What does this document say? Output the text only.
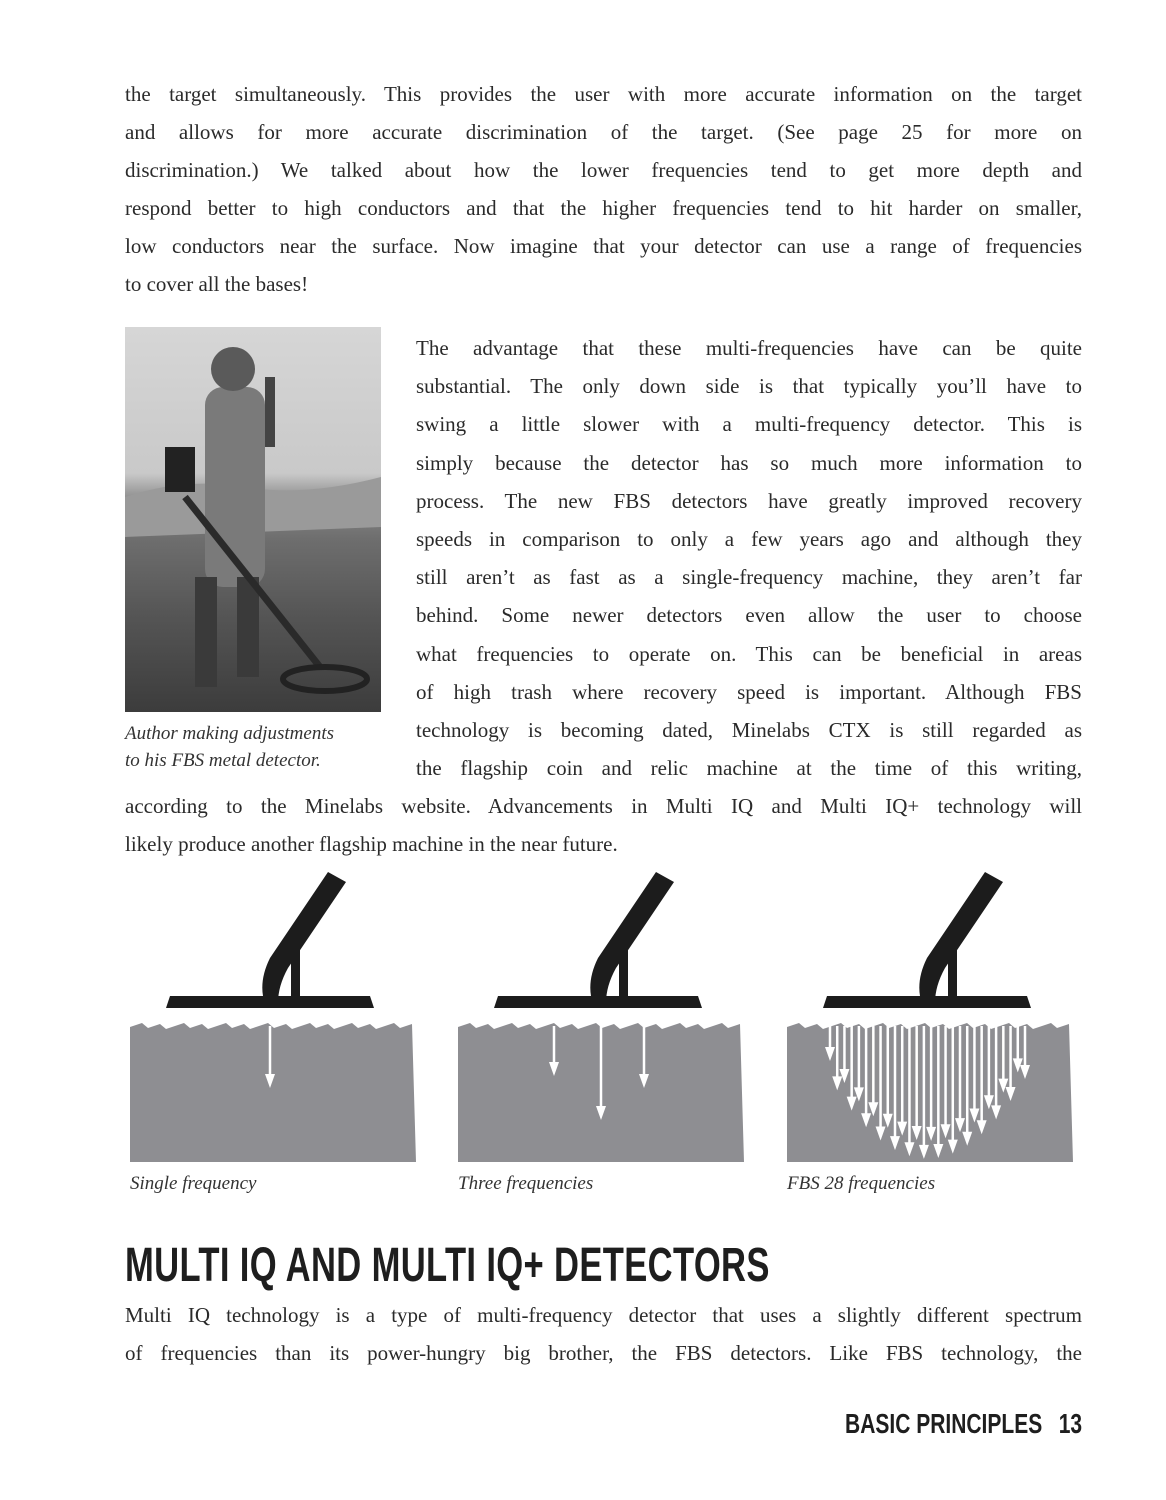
the target simultaneously. This provides the user with more accurate information on the target
and allows for more accurate discrimination of the target. (See page 25 for more on
discrimination.) We talked about how the lower frequencies tend to get more depth and
respond better to high conductors and that the higher frequencies tend to hit harder on smaller,
low conductors near the surface. Now imagine that your detector can use a range of frequencies
to cover all the bases!
Author making adjustments
to his FBS metal detector.
The advantage that these multi-frequencies have can be quite
substantial. The only down side is that typically you’ll have to
swing a little slower with a multi-frequency detector. This is
simply because the detector has so much more information to
process. The new FBS detectors have greatly improved recovery
speeds in comparison to only a few years ago and although they
still aren’t as fast as a single-frequency machine, they aren’t far
behind. Some newer detectors even allow the user to choose
what frequencies to operate on. This can be beneficial in areas
of high trash where recovery speed is important. Although FBS
technology is becoming dated, Minelabs CTX is still regarded as
the flagship coin and relic machine at the time of this writing,
according to the Minelabs website. Advancements in Multi IQ and Multi IQ+ technology will
likely produce another flagship machine in the near future.
Single frequency	Three frequencies	FBS 28 frequencies
MULTI IQ AND MULTI IQ+ DETECTORS
Multi IQ technology is a type of multi-frequency detector that uses a slightly different spectrum
of frequencies than its power-hungry big brother, the FBS detectors. Like FBS technology, the
BASIC PRINCIPLES 13
